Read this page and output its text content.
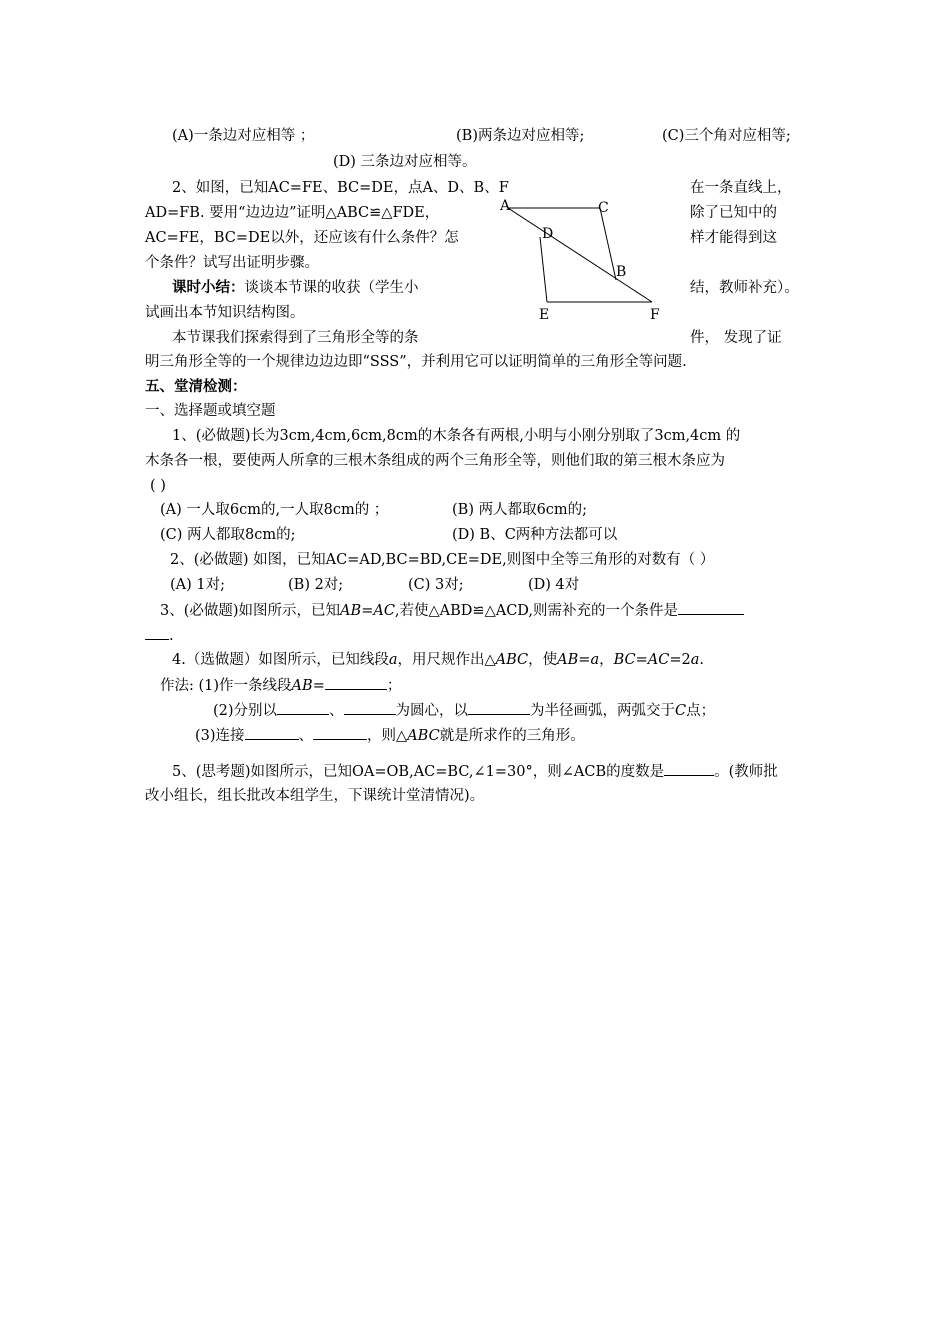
(A)一条边对应相等 ；	(B)两条边对应相等;	(C)三个角对应相等;
(D) 三条边对应相等。
2、如图，已知AC=FE、BC=DE，点A、D、B、F	在一条直线上，
AD=FB. 要用“边边边”证明△ABC≌△FDE，	除了已知中的
AC=FE，BC=DE以外，还应该有什么条件？怎	样才能得到这
个条件？试写出证明步骤。
课时小结：谈谈本节课的收获（学生小	结，教师补充）。
试画出本节知识结构图。
本节课我们探索得到了三角形全等的条	件， 发现了证
明三角形全等的一个规律边边边即“SSS”，并利用它可以证明简单的三角形全等问题.
A	C
D
B
E	F
五、堂清检测：
一、选择题或填空题
1、(必做题)长为3cm,4cm,6cm,8cm的木条各有两根,小明与小刚分别取了3cm,4cm 的
木条各一根，要使两人所拿的三根木条组成的两个三角形全等，则他们取的第三根木条应为
( )
(A) 一人取6cm的,一人取8cm的 ；	(B) 两人都取6cm的;
(C) 两人都取8cm的;	(D) B、C两种方法都可以
2、(必做题) 如图，已知AC=AD,BC=BD,CE=DE,则图中全等三角形的对数有（ ）
(A) 1对;	(B) 2对;	(C) 3对;	(D) 4对
3、(必做题)如图所示，已知AB=AC,若使△ABD≌△ACD,则需补充的一个条件是
.
4.（选做题）如图所示，已知线段a，用尺规作出△ABC，使AB=a，BC=AC=2a.
作法: (1)作一条线段AB=	；
(2)分别以	、	为圆心，以	为半径画弧，两弧交于C点；
(3)连接	、	，则△ABC就是所求作的三角形。
5、(思考题)如图所示，已知OA=OB,AC=BC,∠1=30°，则∠ACB的度数是	。(教师批
改小组长，组长批改本组学生，下课统计堂清情况)。
